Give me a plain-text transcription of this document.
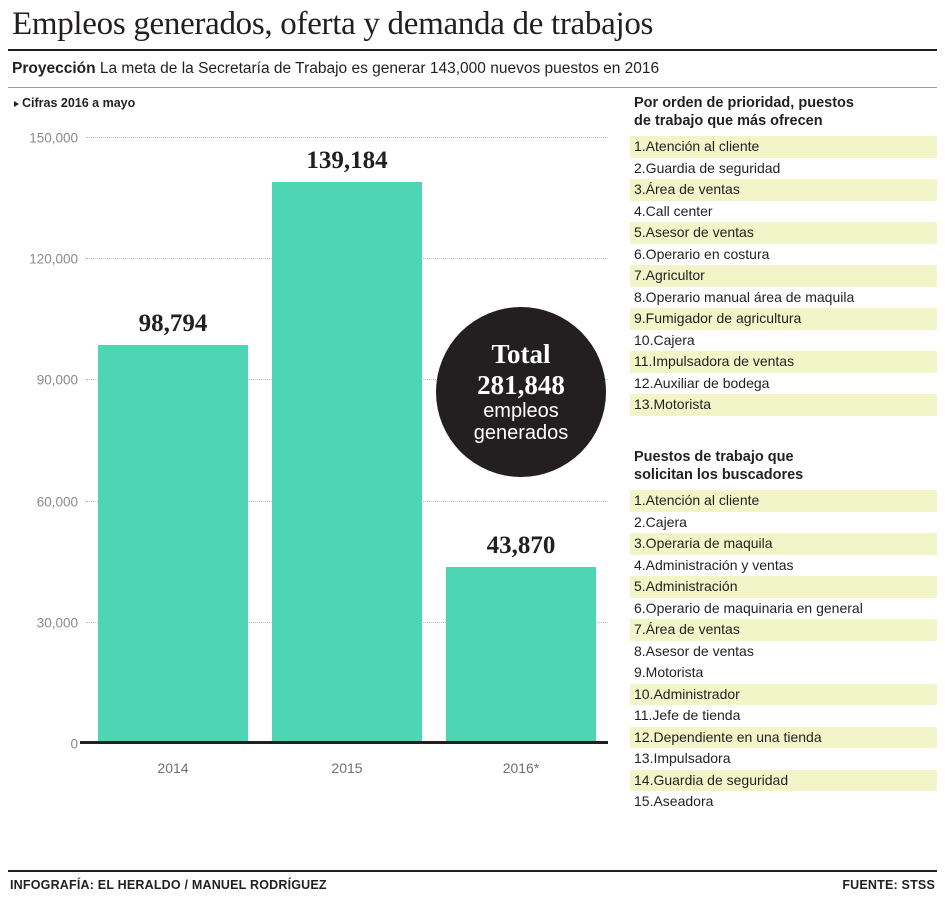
Empleos generados, oferta y demanda de trabajos
Proyección La meta de la Secretaría de Trabajo es generar 143,000 nuevos puestos en 2016
Cifras 2016 a mayo
150,000
120,000
90,000
60,000
30,000
0
98,794
139,184
43,870
2014	2015	2016*
Por orden de prioridad, puestos
de trabajo que más ofrecen
1.Atención al cliente
2.Guardia de seguridad
3.Área de ventas
4.Call center
5.Asesor de ventas
6.Operario en costura
7.Agricultor
8.Operario manual área de maquila
9.Fumigador de agricultura
10.Cajera
11.Impulsadora de ventas
12.Auxiliar de bodega
13.Motorista
Puestos de trabajo que
solicitan los buscadores
1.Atención al cliente
2.Cajera
3.Operaria de maquila
4.Administración y ventas
5.Administración
6.Operario de maquinaria en general
7.Área de ventas
8.Asesor de ventas
9.Motorista
10.Administrador
11.Jefe de tienda
12.Dependiente en una tienda
13.Impulsadora
14.Guardia de seguridad
15.Aseadora
Total
281,848
empleos
generados
INFOGRAFÍA: EL HERALDO / MANUEL RODRÍGUEZ	FUENTE: STSS
